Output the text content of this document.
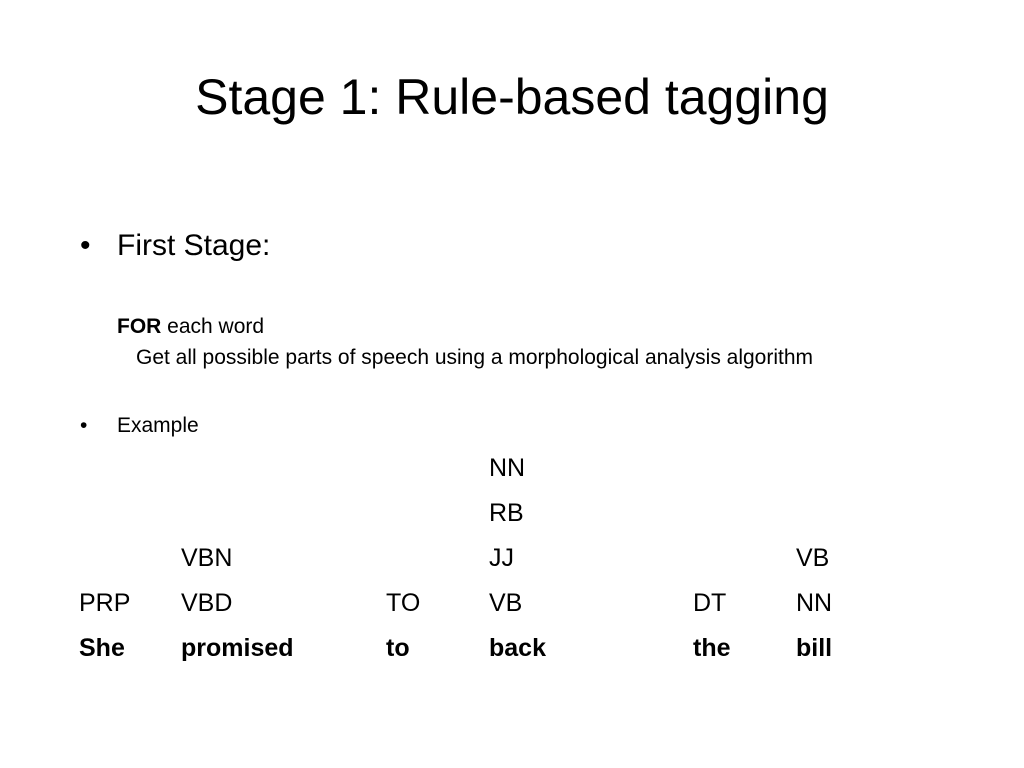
Stage 1: Rule-based tagging
• First Stage:
FOR each word
Get all possible parts of speech using a morphological analysis algorithm
•	Example
She
PRP
promised
VBD
VBN
to
TO
back
VB
JJ
RB
NN
the
DT
bill
NN
VB
